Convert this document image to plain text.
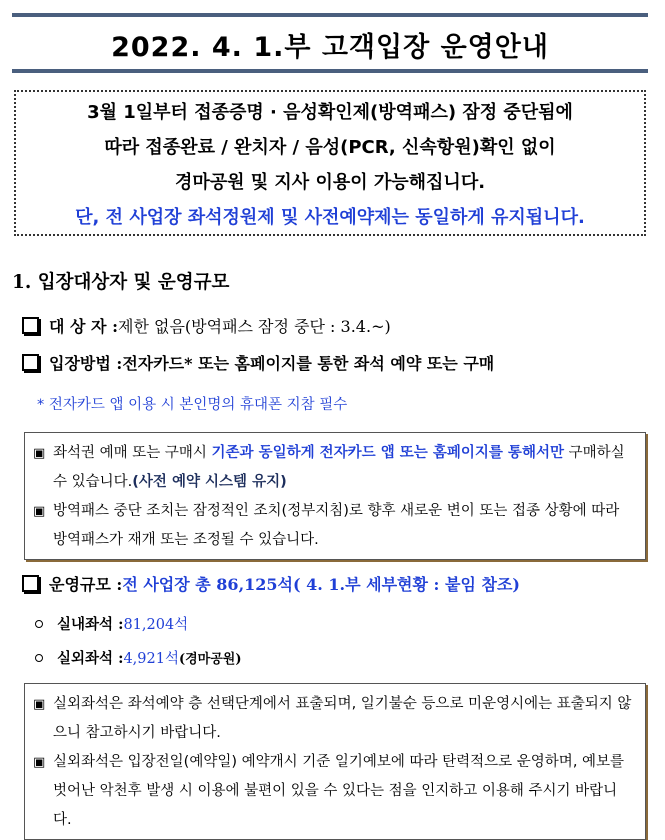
2022. 4. 1.부 고객입장 운영안내
3월 1일부터 접종증명 · 음성확인제(방역패스) 잠정 중단됨에
따라 접종완료 / 완치자 / 음성(PCR, 신속항원)확인 없이
경마공원 및 지사 이용이 가능해집니다.
단, 전 사업장 좌석정원제 및 사전예약제는 동일하게 유지됩니다.
1. 입장대상자 및 운영규모
대 상 자 : 제한 없음(방역패스 잠정 중단 : 3.4.~)
입장방법 : 전자카드* 또는 홈페이지를 통한 좌석 예약 또는 구매
* 전자카드 앱 이용 시 본인명의 휴대폰 지참 필수
▣ 좌석권 예매 또는 구매시 기존과 동일하게 전자카드 앱 또는 홈페이지를 통해서만 구매하실 수 있습니다.(사전 예약 시스템 유지)
▣ 방역패스 중단 조치는 잠정적인 조치(정부지침)로 향후 새로운 변이 또는 접종 상황에 따라 방역패스가 재개 또는 조정될 수 있습니다.
운영규모 : 전 사업장 총 86,125석( 4. 1.부 세부현황 : 붙임 참조)
실내좌석 : 81,204석
실외좌석 : 4,921석 (경마공원)
▣ 실외좌석은 좌석예약 층 선택단계에서 표출되며, 일기불순 등으로 미운영시에는 표출되지 않으니 참고하시기 바랍니다.
▣ 실외좌석은 입장전일(예약일) 예약개시 기준 일기예보에 따라 탄력적으로 운영하며, 예보를 벗어난 악천후 발생 시 이용에 불편이 있을 수 있다는 점을 인지하고 이용해 주시기 바랍니다.
